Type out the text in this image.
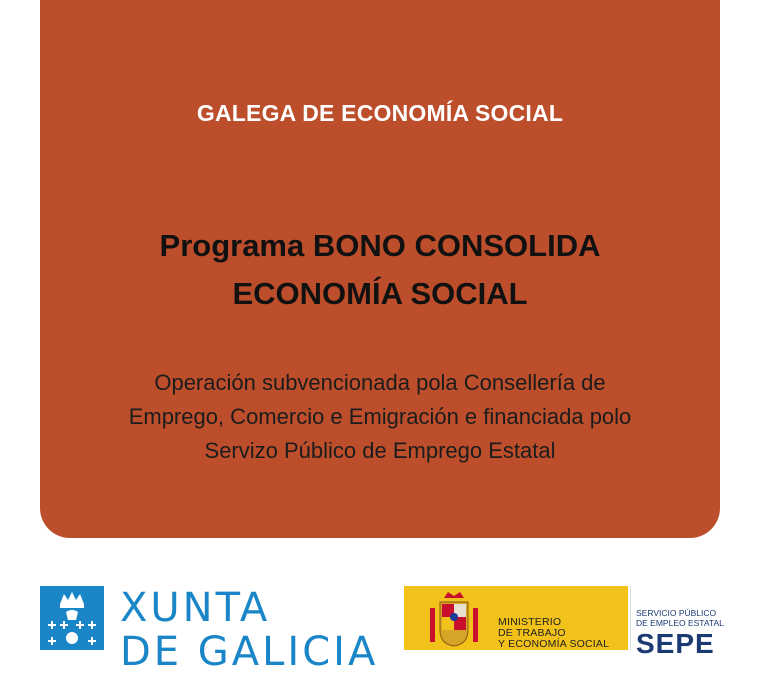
GALEGA DE ECONOMÍA SOCIAL
Programa BONO CONSOLIDA
ECONOMÍA SOCIAL
Operación subvencionada pola Consellería de
Emprego, Comercio e Emigración e financiada polo
Servizo Público de Emprego Estatal
XUNTA
DE GALICIA
MINISTERIO
DE TRABAJO
Y ECONOMÍA SOCIAL
SERVICIO PÚBLICO
DE EMPLEO ESTATAL
SEPE
